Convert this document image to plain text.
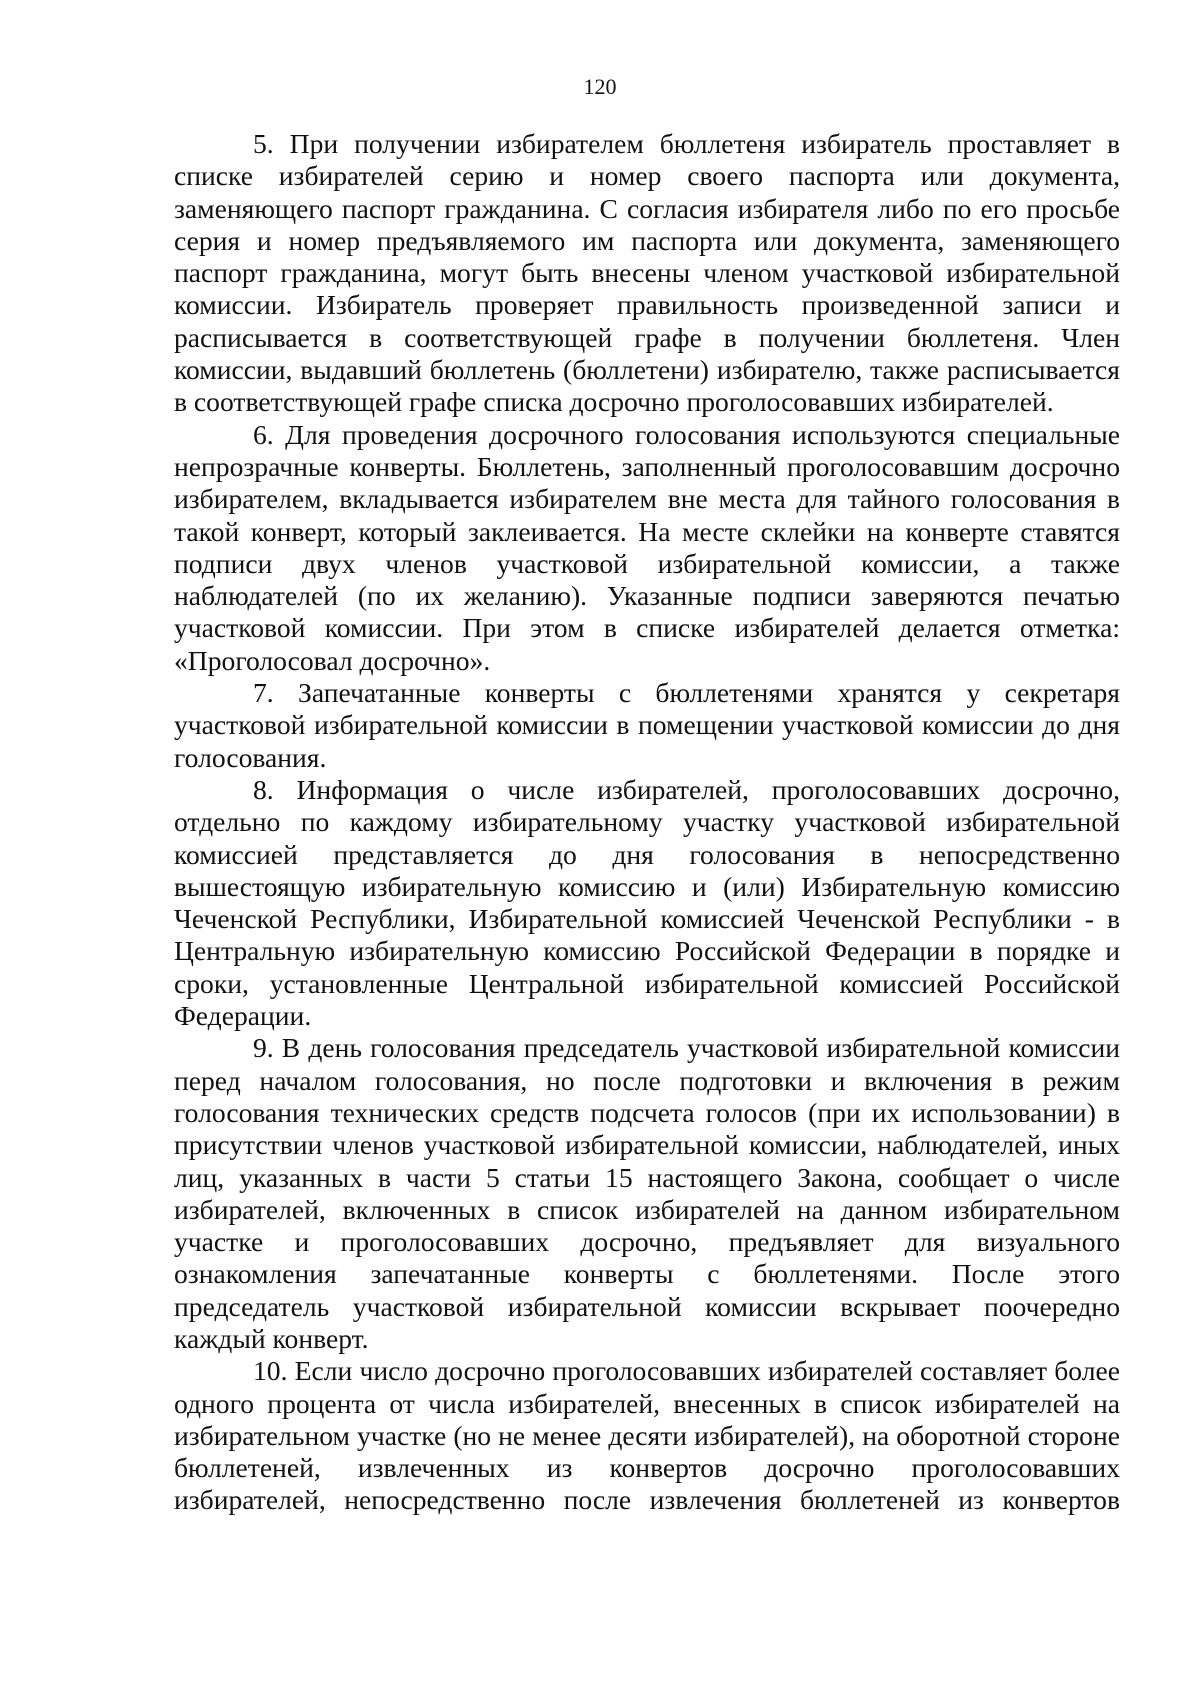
120

5. При получении избирателем бюллетеня избиратель проставляет в списке избирателей серию и номер своего паспорта или документа, заменяющего паспорт гражданина. С согласия избирателя либо по его просьбе серия и номер предъявляемого им паспорта или документа, заменяющего паспорт гражданина, могут быть внесены членом участковой избирательной комиссии. Избиратель проверяет правильность произведенной записи и расписывается в соответствующей графе в получении бюллетеня. Член комиссии, выдавший бюллетень (бюллетени) избирателю, также расписывается в соответствующей графе списка досрочно проголосовавших избирателей.

6. Для проведения досрочного голосования используются специальные непрозрачные конверты. Бюллетень, заполненный проголосовавшим досрочно избирателем, вкладывается избирателем вне места для тайного голосования в такой конверт, который заклеивается. На месте склейки на конверте ставятся подписи двух членов участковой избирательной комиссии, а также наблюдателей (по их желанию). Указанные подписи заверяются печатью участковой комиссии. При этом в списке избирателей делается отметка: «Проголосовал досрочно».

7. Запечатанные конверты с бюллетенями хранятся у секретаря участковой избирательной комиссии в помещении участковой комиссии до дня голосования.

8. Информация о числе избирателей, проголосовавших досрочно, отдельно по каждому избирательному участку участковой избирательной комиссией представляется до дня голосования в непосредственно вышестоящую избирательную комиссию и (или) Избирательную комиссию Чеченской Республики, Избирательной комиссией Чеченской Республики - в Центральную избирательную комиссию Российской Федерации в порядке и сроки, установленные Центральной избирательной комиссией Российской Федерации.

9. В день голосования председатель участковой избирательной комиссии перед началом голосования, но после подготовки и включения в режим голосования технических средств подсчета голосов (при их использовании) в присутствии членов участковой избирательной комиссии, наблюдателей, иных лиц, указанных в части 5 статьи 15 настоящего Закона, сообщает о числе избирателей, включенных в список избирателей на данном избирательном участке и проголосовавших досрочно, предъявляет для визуального ознакомления запечатанные конверты с бюллетенями. После этого председатель участковой избирательной комиссии вскрывает поочередно каждый конверт.

10. Если число досрочно проголосовавших избирателей составляет более одного процента от числа избирателей, внесенных в список избирателей на избирательном участке (но не менее десяти избирателей), на оборотной стороне бюллетеней, извлеченных из конвертов досрочно проголосовавших избирателей, непосредственно после извлечения бюллетеней из конвертов
